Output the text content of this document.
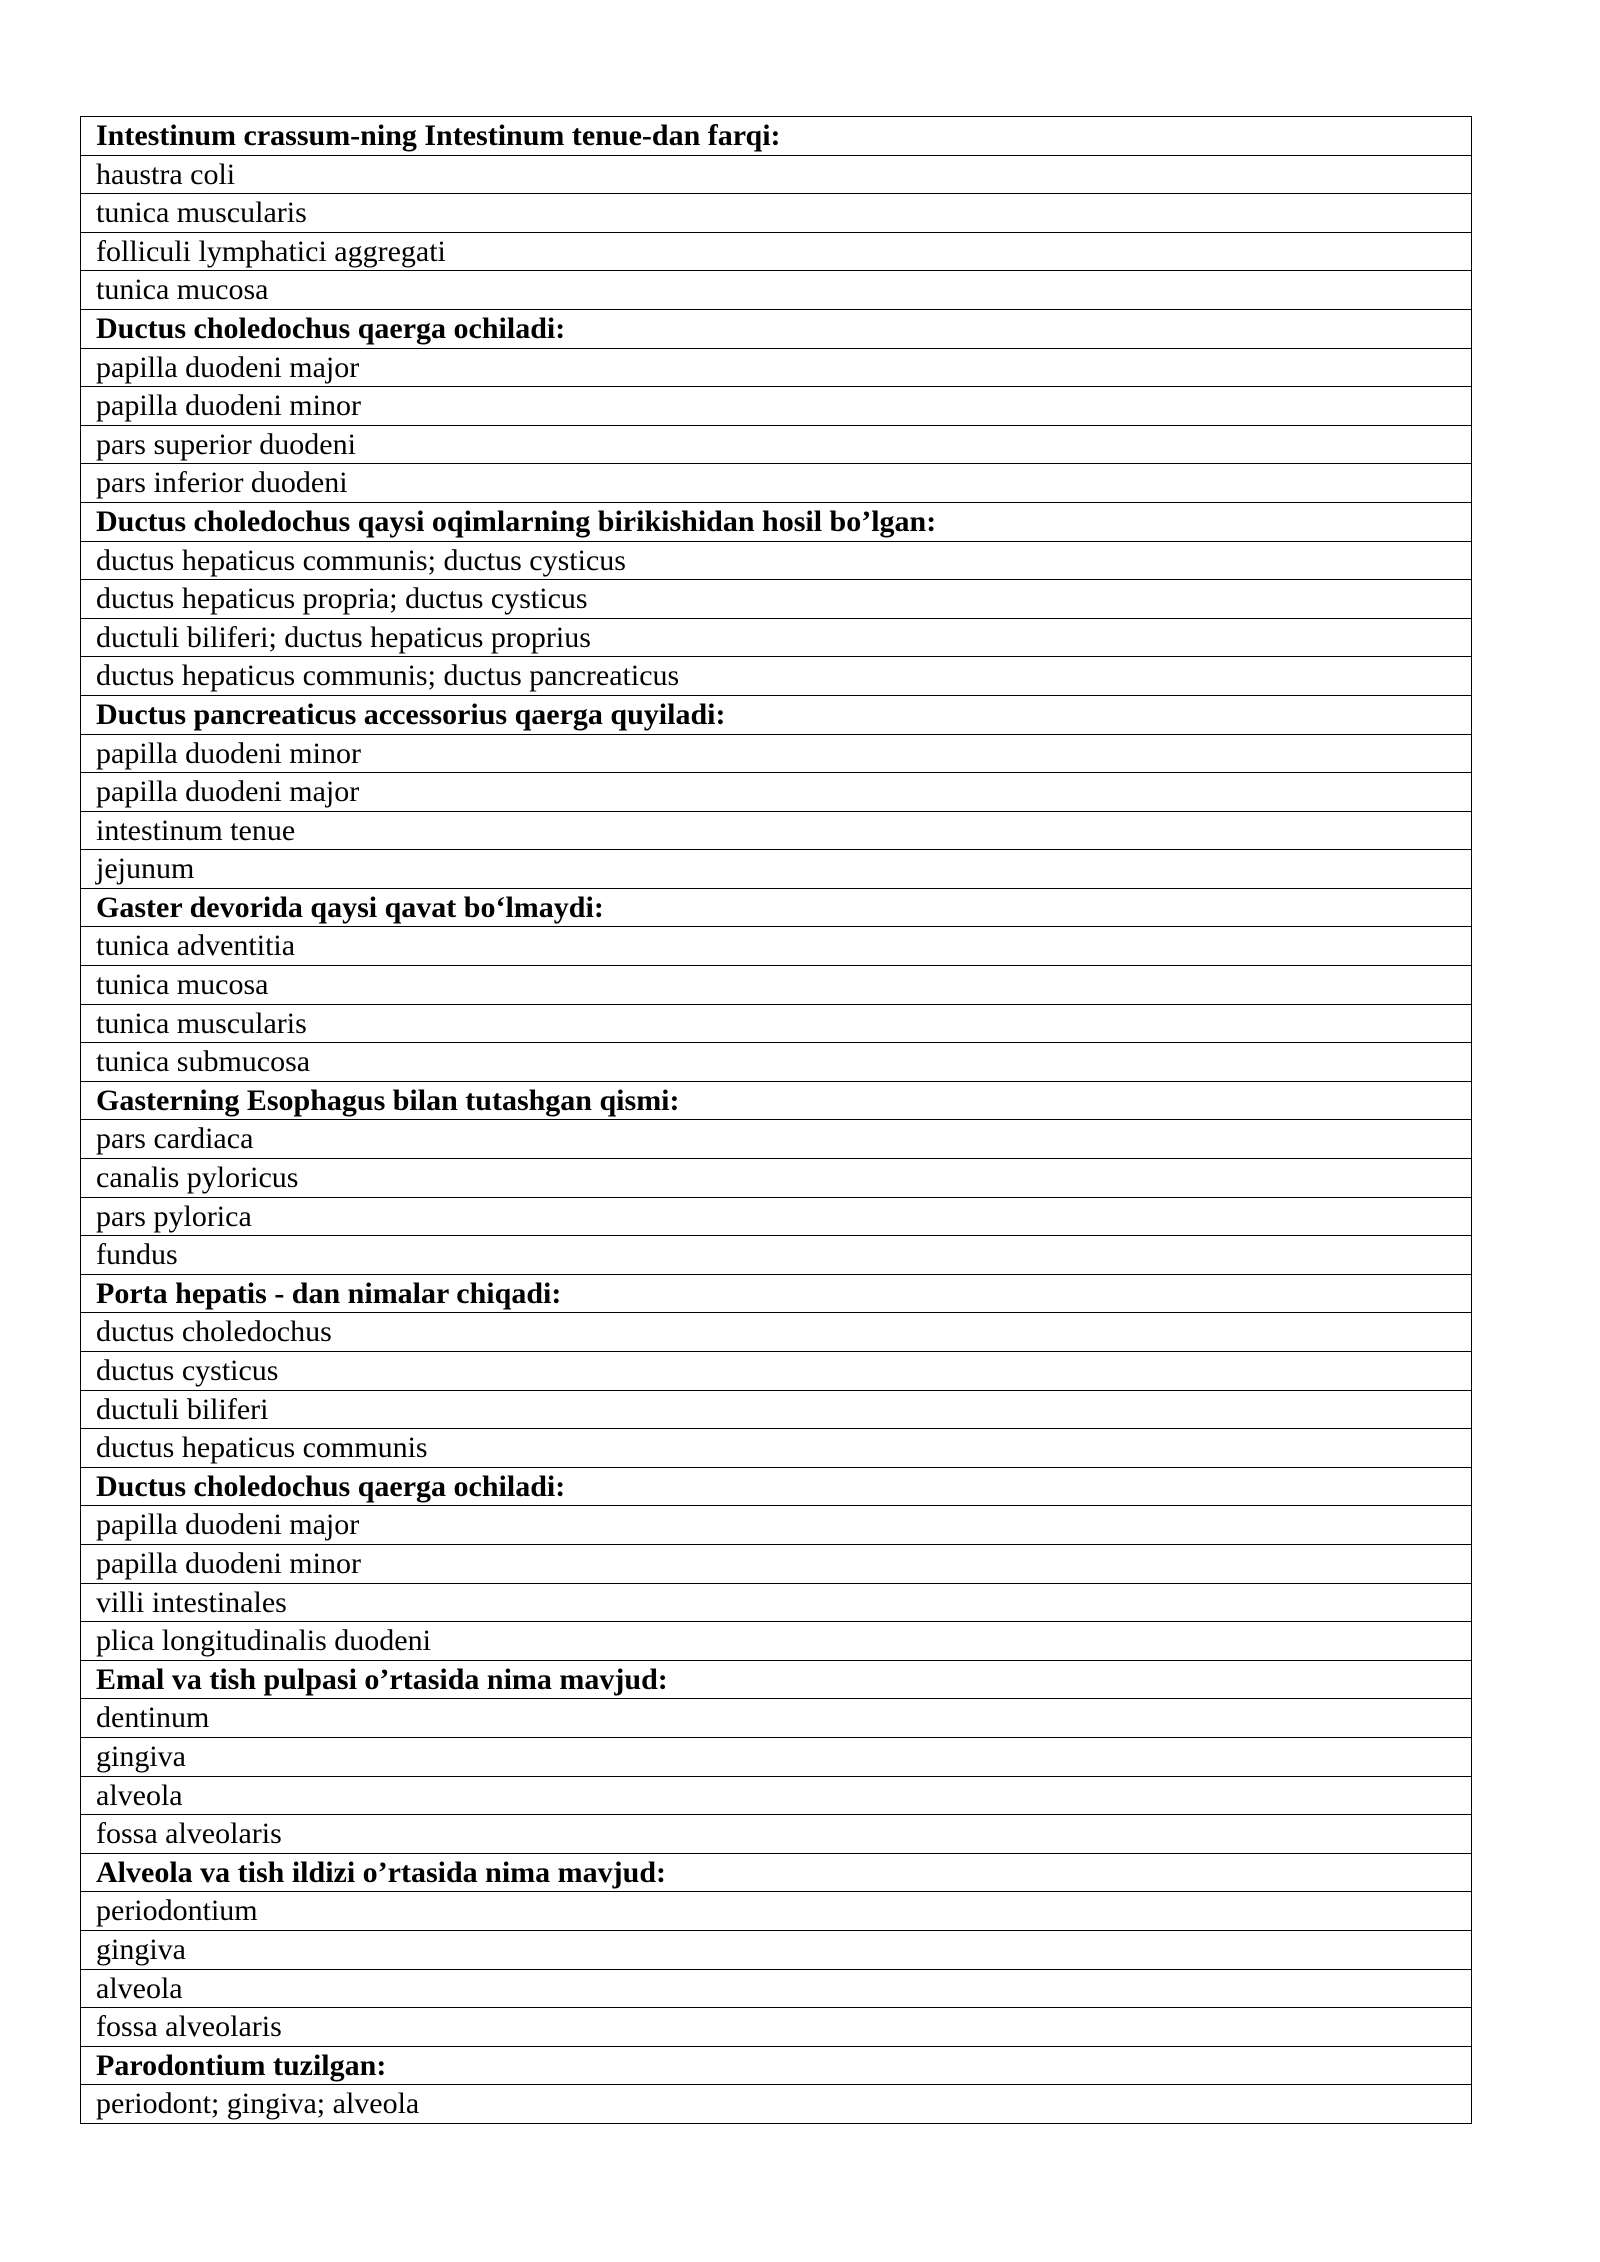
Intestinum crassum-ning Intestinum tenue-dan farqi:
haustra coli
tunica muscularis
folliculi lymphatici aggregati
tunica mucosa
Ductus choledochus qaerga ochiladi:
papilla duodeni major
papilla duodeni minor
pars superior duodeni
pars inferior duodeni
Ductus choledochus qaysi oqimlarning birikishidan hosil bo’lgan:
ductus hepaticus communis; ductus cysticus
ductus hepaticus propria; ductus cysticus
ductuli biliferi; ductus hepaticus proprius
ductus hepaticus communis; ductus pancreaticus
Ductus pancreaticus accessorius qaerga quyiladi:
papilla duodeni minor
papilla duodeni major
intestinum tenue
jejunum
Gaster devorida qaysi qavat bo‘lmaydi:
tunica adventitia
tunica mucosa
tunica muscularis
tunica submucosa
Gasterning Esophagus bilan tutashgan qismi:
pars cardiaca
canalis pyloricus
pars pylorica
fundus
Porta hepatis - dan nimalar chiqadi:
ductus choledochus
ductus cysticus
ductuli biliferi
ductus hepaticus communis
Ductus choledochus qaerga ochiladi:
papilla duodeni major
papilla duodeni minor
villi intestinales
plica longitudinalis duodeni
Emal va tish pulpasi o’rtasida nima mavjud:
dentinum
gingiva
alveola
fossa alveolaris
Alveola va tish ildizi o’rtasida nima mavjud:
periodontium
gingiva
alveola
fossa alveolaris
Parodontium tuzilgan:
periodont; gingiva; alveola
